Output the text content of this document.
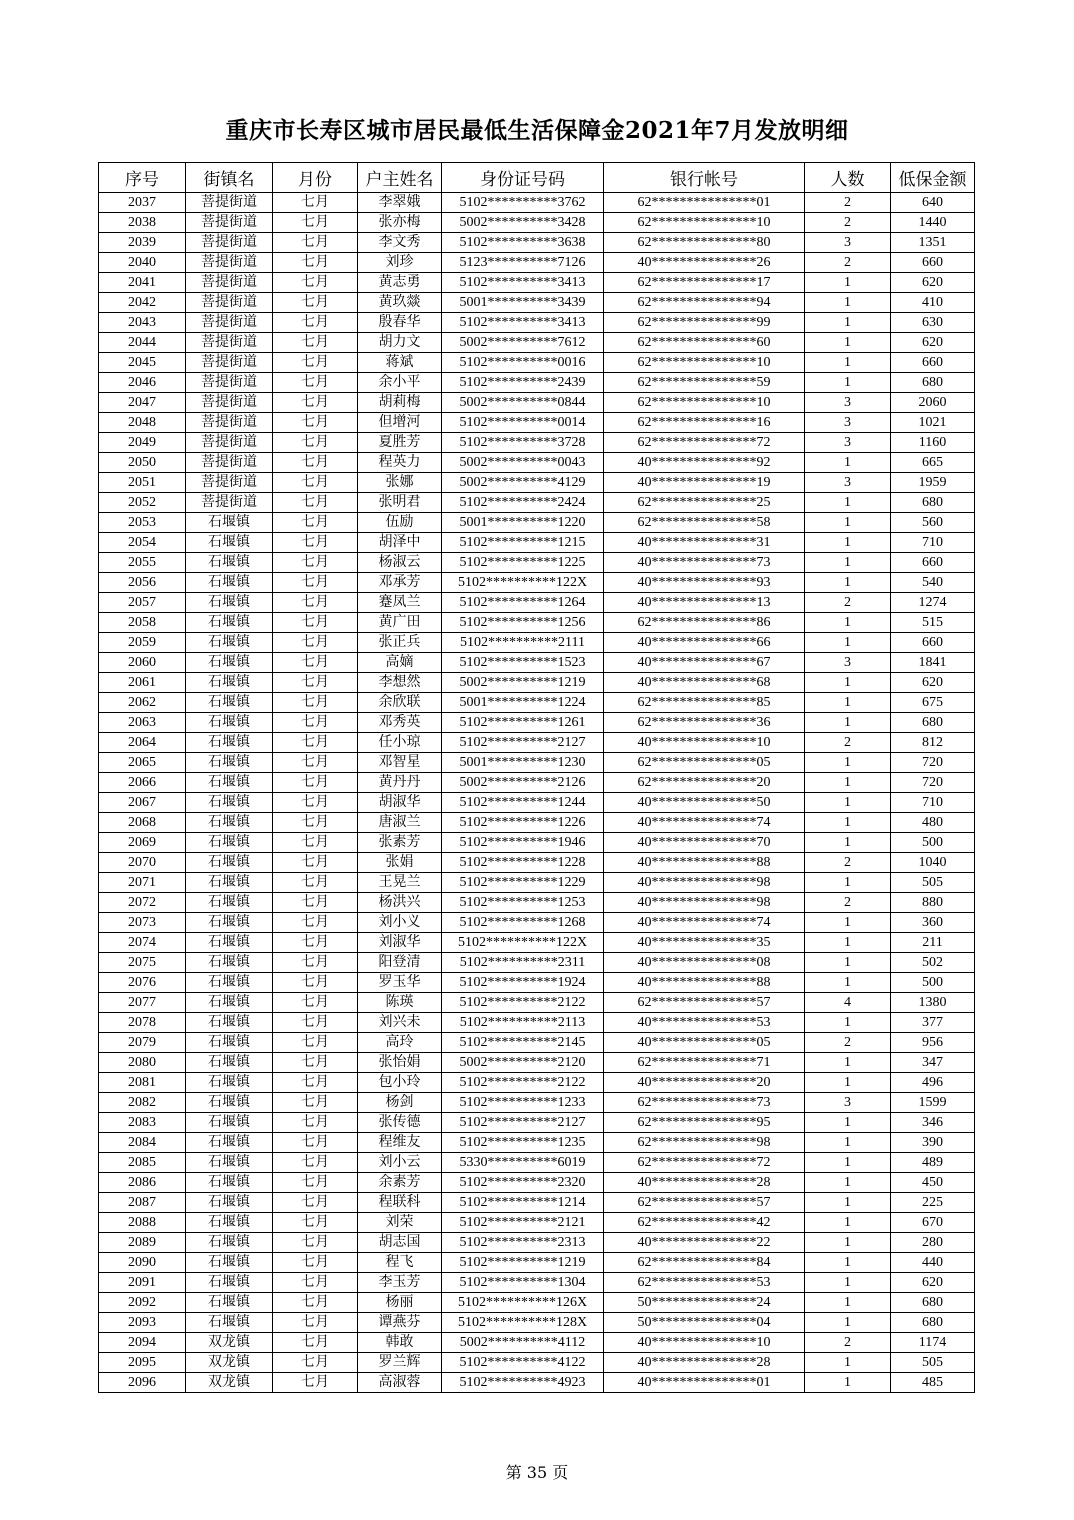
重庆市长寿区城市居民最低生活保障金2021年7月发放明细
序号	街镇名	月份	户主姓名	身份证号码	银行帐号	人数	低保金额
2037	菩提街道	七月	李翠娥	5102**********3762	62***************01	2	640
2038	菩提街道	七月	张亦梅	5002**********3428	62***************10	2	1440
2039	菩提街道	七月	李文秀	5102**********3638	62***************80	3	1351
2040	菩提街道	七月	刘珍	5123**********7126	40***************26	2	660
2041	菩提街道	七月	黄志勇	5102**********3413	62***************17	1	620
2042	菩提街道	七月	黄玖燚	5001**********3439	62***************94	1	410
2043	菩提街道	七月	殷春华	5102**********3413	62***************99	1	630
2044	菩提街道	七月	胡力文	5002**********7612	62***************60	1	620
2045	菩提街道	七月	蒋斌	5102**********0016	62***************10	1	660
2046	菩提街道	七月	余小平	5102**********2439	62***************59	1	680
2047	菩提街道	七月	胡莉梅	5002**********0844	62***************10	3	2060
2048	菩提街道	七月	但增河	5102**********0014	62***************16	3	1021
2049	菩提街道	七月	夏胜芳	5102**********3728	62***************72	3	1160
2050	菩提街道	七月	程英力	5002**********0043	40***************92	1	665
2051	菩提街道	七月	张娜	5002**********4129	40***************19	3	1959
2052	菩提街道	七月	张明君	5102**********2424	62***************25	1	680
2053	石堰镇	七月	伍励	5001**********1220	62***************58	1	560
2054	石堰镇	七月	胡泽中	5102**********1215	40***************31	1	710
2055	石堰镇	七月	杨淑云	5102**********1225	40***************73	1	660
2056	石堰镇	七月	邓承芳	5102**********122X	40***************93	1	540
2057	石堰镇	七月	蹇凤兰	5102**********1264	40***************13	2	1274
2058	石堰镇	七月	黄广田	5102**********1256	62***************86	1	515
2059	石堰镇	七月	张正兵	5102**********2111	40***************66	1	660
2060	石堰镇	七月	高嫡	5102**********1523	40***************67	3	1841
2061	石堰镇	七月	李想然	5002**********1219	40***************68	1	620
2062	石堰镇	七月	余欣联	5001**********1224	62***************85	1	675
2063	石堰镇	七月	邓秀英	5102**********1261	62***************36	1	680
2064	石堰镇	七月	任小琼	5102**********2127	40***************10	2	812
2065	石堰镇	七月	邓智星	5001**********1230	62***************05	1	720
2066	石堰镇	七月	黄丹丹	5002**********2126	62***************20	1	720
2067	石堰镇	七月	胡淑华	5102**********1244	40***************50	1	710
2068	石堰镇	七月	唐淑兰	5102**********1226	40***************74	1	480
2069	石堰镇	七月	张素芳	5102**********1946	40***************70	1	500
2070	石堰镇	七月	张娟	5102**********1228	40***************88	2	1040
2071	石堰镇	七月	王晃兰	5102**********1229	40***************98	1	505
2072	石堰镇	七月	杨洪兴	5102**********1253	40***************98	2	880
2073	石堰镇	七月	刘小义	5102**********1268	40***************74	1	360
2074	石堰镇	七月	刘淑华	5102**********122X	40***************35	1	211
2075	石堰镇	七月	阳登清	5102**********2311	40***************08	1	502
2076	石堰镇	七月	罗玉华	5102**********1924	40***************88	1	500
2077	石堰镇	七月	陈瑛	5102**********2122	62***************57	4	1380
2078	石堰镇	七月	刘兴未	5102**********2113	40***************53	1	377
2079	石堰镇	七月	高玲	5102**********2145	40***************05	2	956
2080	石堰镇	七月	张怡娟	5002**********2120	62***************71	1	347
2081	石堰镇	七月	包小玲	5102**********2122	40***************20	1	496
2082	石堰镇	七月	杨剑	5102**********1233	62***************73	3	1599
2083	石堰镇	七月	张传德	5102**********2127	62***************95	1	346
2084	石堰镇	七月	程维友	5102**********1235	62***************98	1	390
2085	石堰镇	七月	刘小云	5330**********6019	62***************72	1	489
2086	石堰镇	七月	余素芳	5102**********2320	40***************28	1	450
2087	石堰镇	七月	程联科	5102**********1214	62***************57	1	225
2088	石堰镇	七月	刘荣	5102**********2121	62***************42	1	670
2089	石堰镇	七月	胡志国	5102**********2313	40***************22	1	280
2090	石堰镇	七月	程飞	5102**********1219	62***************84	1	440
2091	石堰镇	七月	李玉芳	5102**********1304	62***************53	1	620
2092	石堰镇	七月	杨丽	5102**********126X	50***************24	1	680
2093	石堰镇	七月	谭燕芬	5102**********128X	50***************04	1	680
2094	双龙镇	七月	韩敢	5002**********4112	40***************10	2	1174
2095	双龙镇	七月	罗兰辉	5102**********4122	40***************28	1	505
2096	双龙镇	七月	高淑蓉	5102**********4923	40***************01	1	485
第 35 页
